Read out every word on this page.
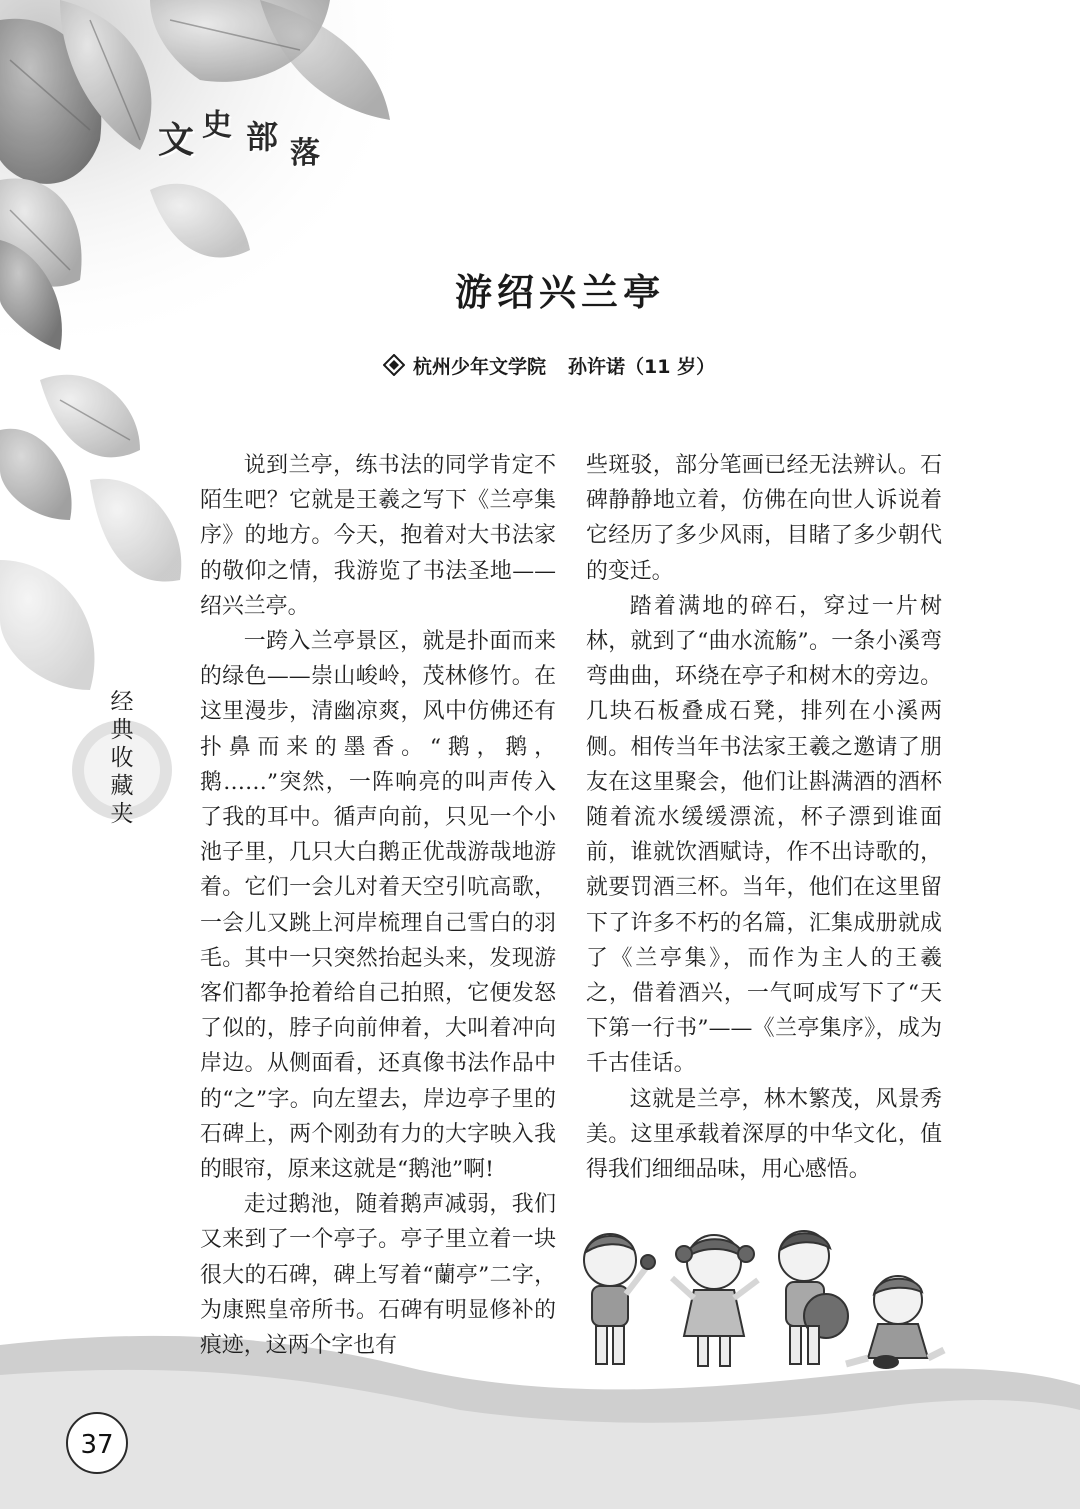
文 史 部 落
游绍兴兰亭
杭州少年文学院 孙许诺（11 岁）
经
典
收
藏
夹

说到兰亭，练书法的同学肯定不陌生吧？它就是王羲之写下《兰亭集序》的地方。今天，抱着对大书法家的敬仰之情，我游览了书法圣地——绍兴兰亭。

一跨入兰亭景区，就是扑面而来的绿色——崇山峻岭，茂林修竹。在这里漫步，清幽凉爽，风中仿佛还有扑鼻而来的墨香。“鹅，鹅，鹅……”突然，一阵响亮的叫声传入了我的耳中。循声向前，只见一个小池子里，几只大白鹅正优哉游哉地游着。它们一会儿对着天空引吭高歌，一会儿又跳上河岸梳理自己雪白的羽毛。其中一只突然抬起头来，发现游客们都争抢着给自己拍照，它便发怒了似的，脖子向前伸着，大叫着冲向岸边。从侧面看，还真像书法作品中的“之”字。向左望去，岸边亭子里的石碑上，两个刚劲有力的大字映入我的眼帘，原来这就是“鹅池”啊!

走过鹅池，随着鹅声减弱，我们又来到了一个亭子。亭子里立着一块很大的石碑，碑上写着“蘭亭”二字，为康熙皇帝所书。石碑有明显修补的痕迹，这两个字也有

些斑驳，部分笔画已经无法辨认。石碑静静地立着，仿佛在向世人诉说着它经历了多少风雨，目睹了多少朝代的变迁。

踏着满地的碎石，穿过一片树林，就到了“曲水流觞”。一条小溪弯弯曲曲，环绕在亭子和树木的旁边。几块石板叠成石凳，排列在小溪两侧。相传当年书法家王羲之邀请了朋友在这里聚会，他们让斟满酒的酒杯随着流水缓缓漂流，杯子漂到谁面前，谁就饮酒赋诗，作不出诗歌的，就要罚酒三杯。当年，他们在这里留下了许多不朽的名篇，汇集成册就成了《兰亭集》，而作为主人的王羲之，借着酒兴，一气呵成写下了“天下第一行书”——《兰亭集序》，成为千古佳话。

这就是兰亭，林木繁茂，风景秀美。这里承载着深厚的中华文化，值得我们细细品味，用心感悟。

37
